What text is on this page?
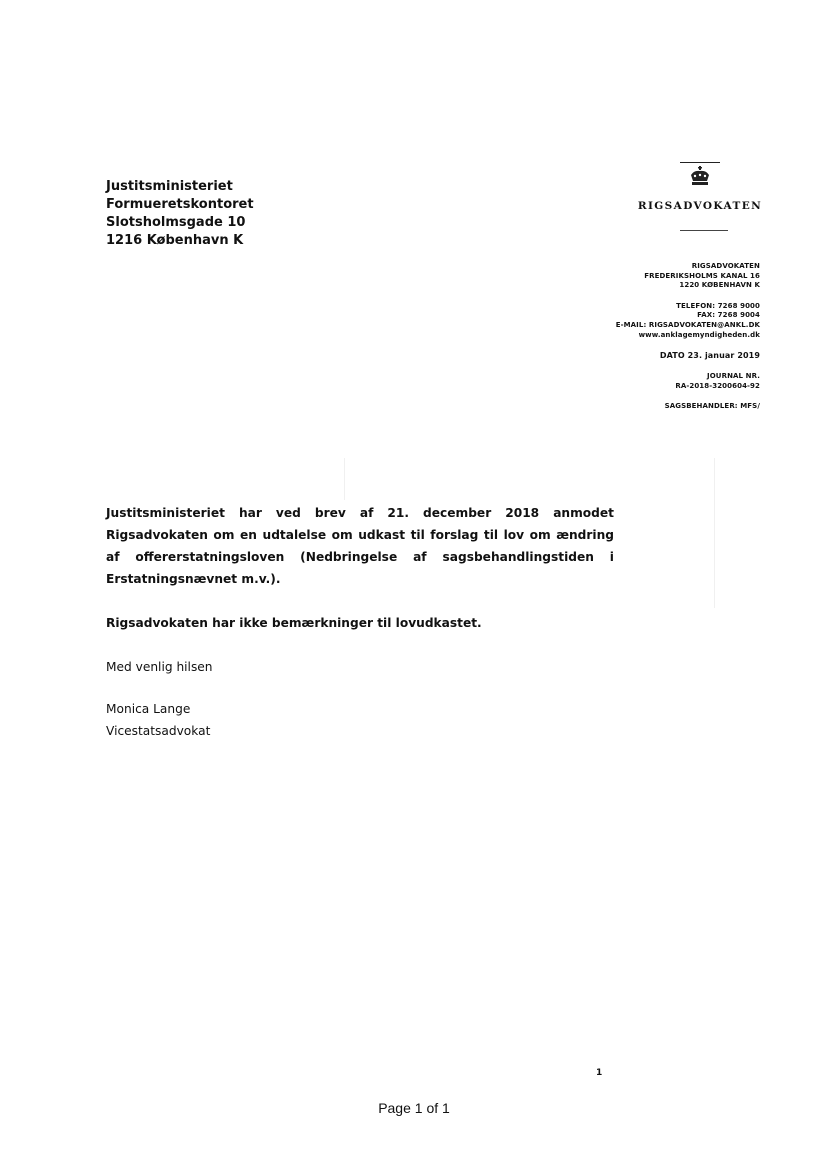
Justitsministeriet
Formueretskontoret
Slotsholmsgade 10
1216 København K
RIGSADVOKATEN
RIGSADVOKATEN
FREDERIKSHOLMS KANAL 16
1220 KØBENHAVN K
TELEFON: 7268 9000
FAX: 7268 9004
E-MAIL: RIGSADVOKATEN@ANKL.DK
www.anklagemyndigheden.dk
DATO 23. januar 2019
JOURNAL NR.
RA-2018-3200604-92
SAGSBEHANDLER: MFS/

Justitsministeriet har ved brev af 21. december 2018 anmodet Rigsadvokaten om en udtalelse om udkast til forslag til lov om ændring af offererstatningsloven (Nedbringelse af sagsbehandlingstiden i Erstatningsnævnet m.v.).

Rigsadvokaten har ikke bemærkninger til lovudkastet.

Med venlig hilsen

Monica Lange
Vicestatsadvokat
1
Page 1 of 1
